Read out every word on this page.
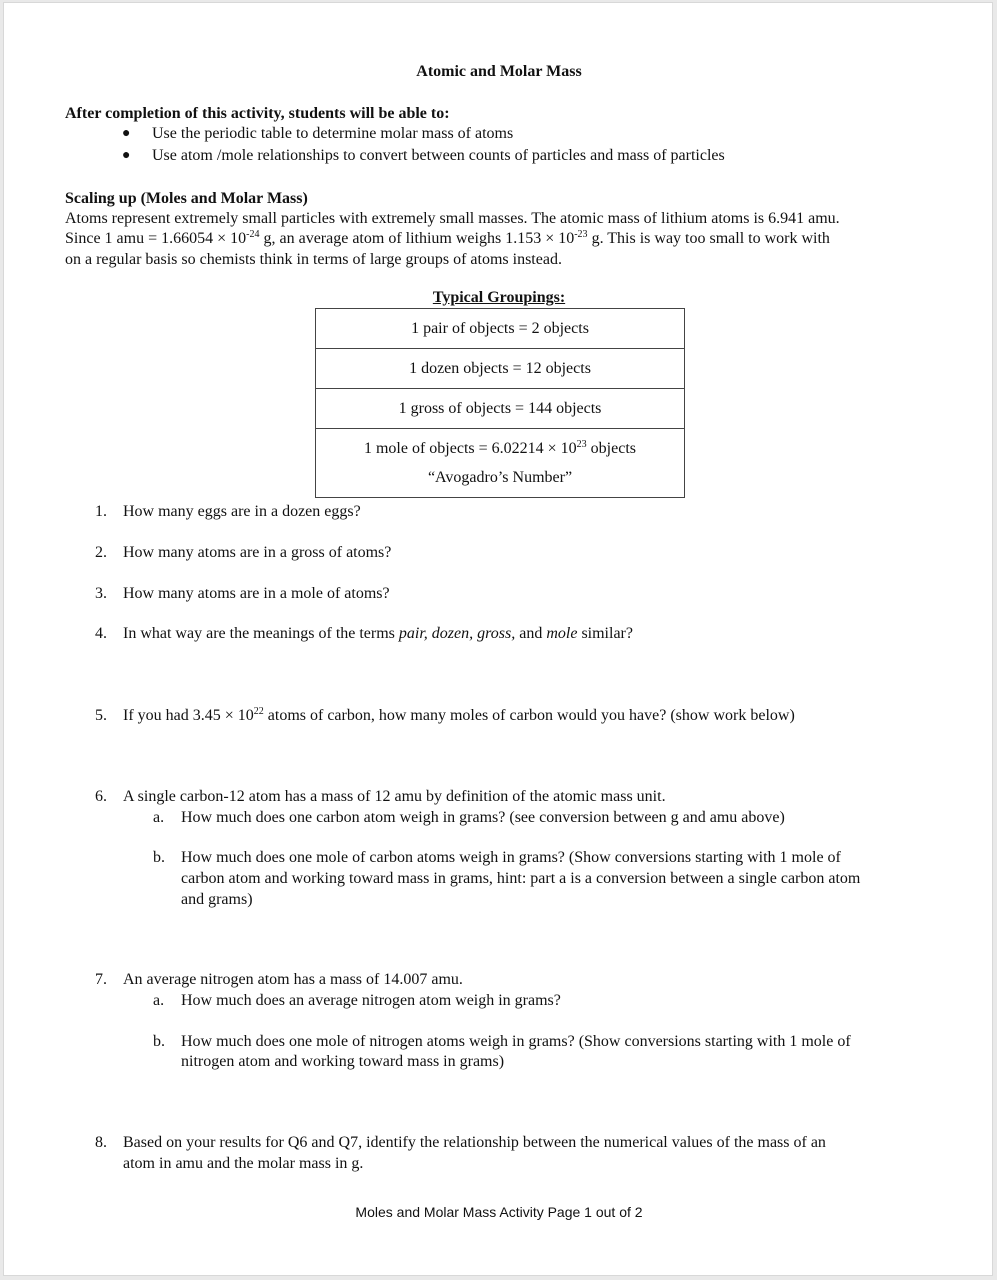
Atomic and Molar Mass
After completion of this activity, students will be able to:
● Use the periodic table to determine molar mass of atoms
● Use atom /mole relationships to convert between counts of particles and mass of particles
Scaling up (Moles and Molar Mass)
Atoms represent extremely small particles with extremely small masses. The atomic mass of lithium atoms is 6.941 amu.
Since 1 amu = $1.66054 \times 10^{-24}$ g, an average atom of lithium weighs $1.153 \times 10^{-23}$ g. This is way too small to work with
on a regular basis so chemists think in terms of large groups of atoms instead.
Typical Groupings:
1 pair of objects = 2 objects
1 dozen objects = 12 objects
1 gross of objects = 144 objects

1 mole of objects = $6.02214 \times 10^{23}$ objects
“Avogadro’s Number”
1. How many eggs are in a dozen eggs?
2. How many atoms are in a gross of atoms?
3. How many atoms are in a mole of atoms?
4. In what way are the meanings of the terms pair, dozen, gross, and mole similar?
5. If you had $3.45 \times 10^{22}$ atoms of carbon, how many moles of carbon would you have? (show work below)
6. A single carbon-12 atom has a mass of 12 amu by definition of the atomic mass unit.
a. How much does one carbon atom weigh in grams? (see conversion between g and amu above)
b. How much does one mole of carbon atoms weigh in grams? (Show conversions starting with 1 mole of
carbon atom and working toward mass in grams, hint: part a is a conversion between a single carbon atom
and grams)
7. An average nitrogen atom has a mass of 14.007 amu.
a. How much does an average nitrogen atom weigh in grams?
b. How much does one mole of nitrogen atoms weigh in grams? (Show conversions starting with 1 mole of
nitrogen atom and working toward mass in grams)
8. Based on your results for Q6 and Q7, identify the relationship between the numerical values of the mass of an
atom in amu and the molar mass in g.
Moles and Molar Mass Activity Page 1 out of 2
